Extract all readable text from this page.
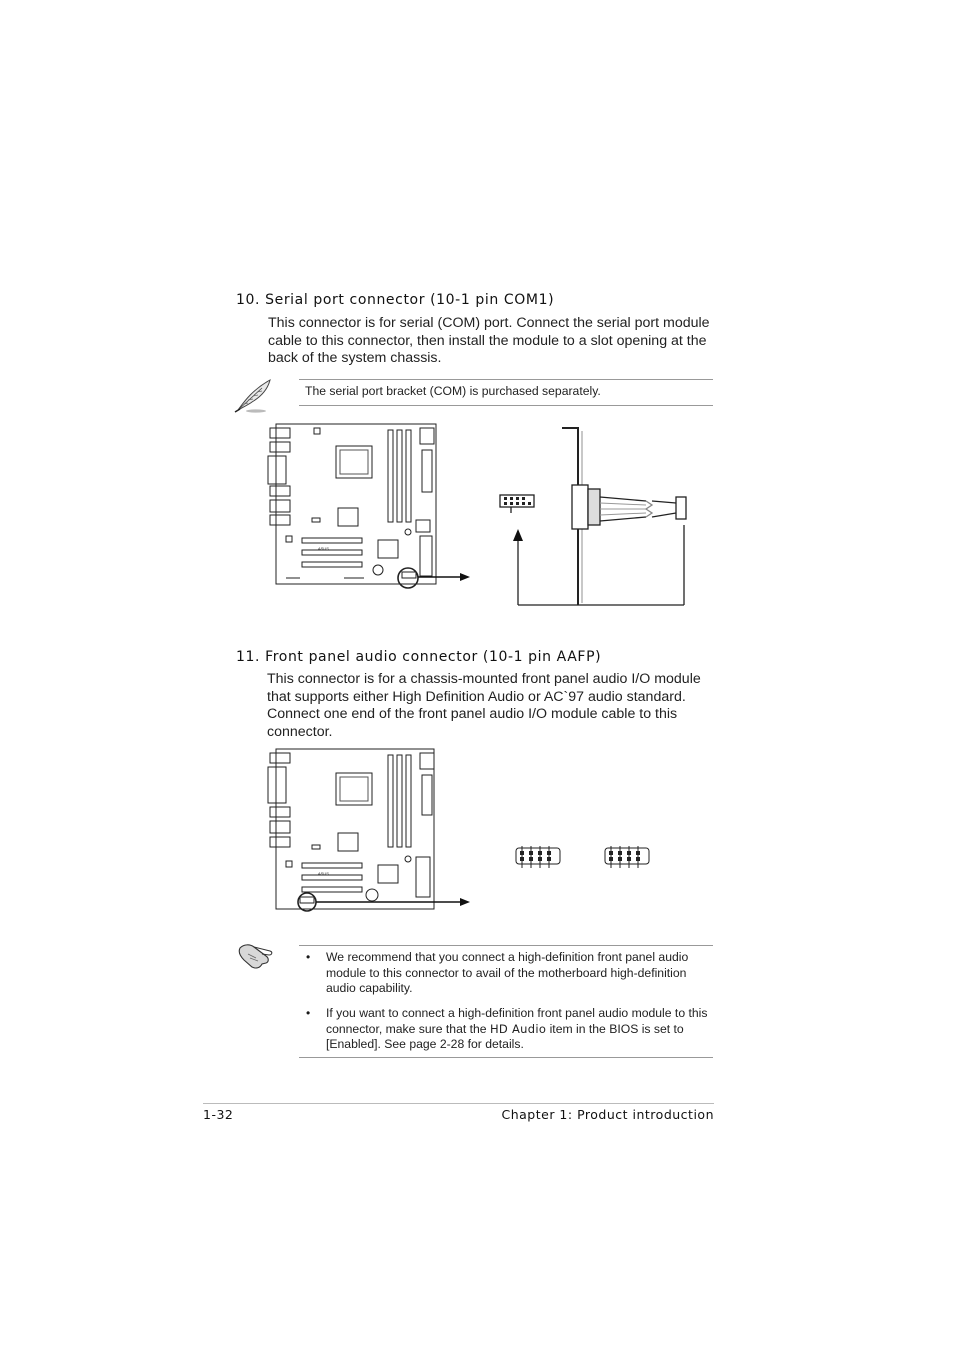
10. Serial port connector (10-1 pin COM1)
This connector is for serial (COM) port. Connect the serial port module cable to this connector, then install the module to a slot opening at the back of the system chassis.
The serial port bracket (COM) is purchased separately.
ASUS
11. Front panel audio connector (10-1 pin AAFP)
This connector is for a chassis-mounted front panel audio I/O module that supports either High Definition Audio or AC`97 audio standard. Connect one end of the front panel audio I/O module cable to this connector.
ASUS
• We recommend that you connect a high-definition front panel audio module to this connector to avail of the motherboard high-definition audio capability.
• If you want to connect a high-definition front panel audio module to this connector, make sure that the HD Audio item in the BIOS is set to [Enabled]. See page 2-28 for details.
1-32	Chapter 1: Product introduction
